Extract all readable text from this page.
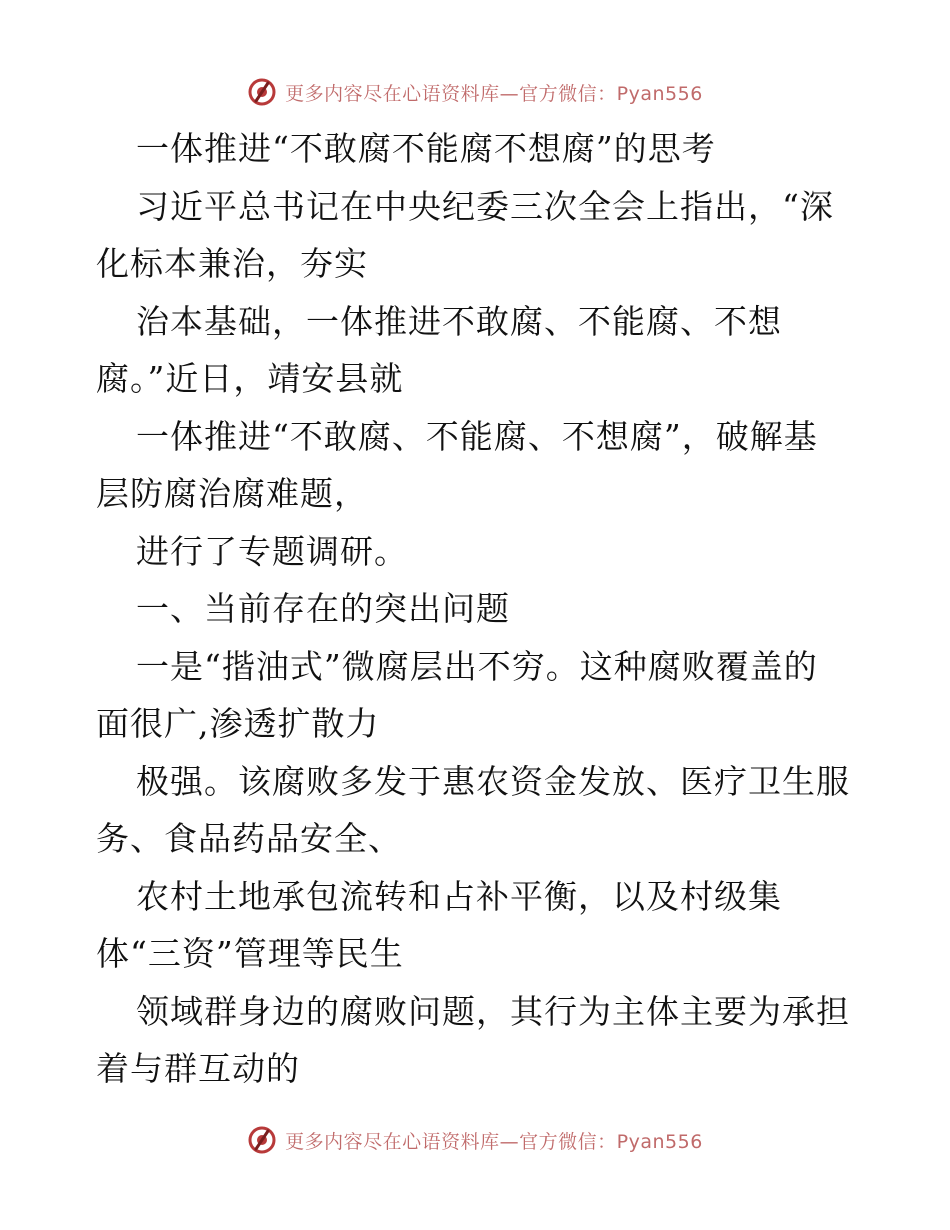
更多内容尽在心语资料库—官方微信：Pyan556
一体推进“不敢腐不能腐不想腐”的思考
习近平总书记在中央纪委三次全会上指出，“深
化标本兼治，夯实
治本基础，一体推进不敢腐、不能腐、不想
腐。”近日，靖安县就
一体推进“不敢腐、不能腐、不想腐”，破解基
层防腐治腐难题，
进行了专题调研。
一、当前存在的突出问题
一是“揩油式”微腐层出不穷。这种腐败覆盖的
面很广,渗透扩散力
极强。该腐败多发于惠农资金发放、医疗卫生服
务、食品药品安全、
农村土地承包流转和占补平衡，以及村级集
体“三资”管理等民生
领域群身边的腐败问题，其行为主体主要为承担
着与群互动的
更多内容尽在心语资料库—官方微信：Pyan556
